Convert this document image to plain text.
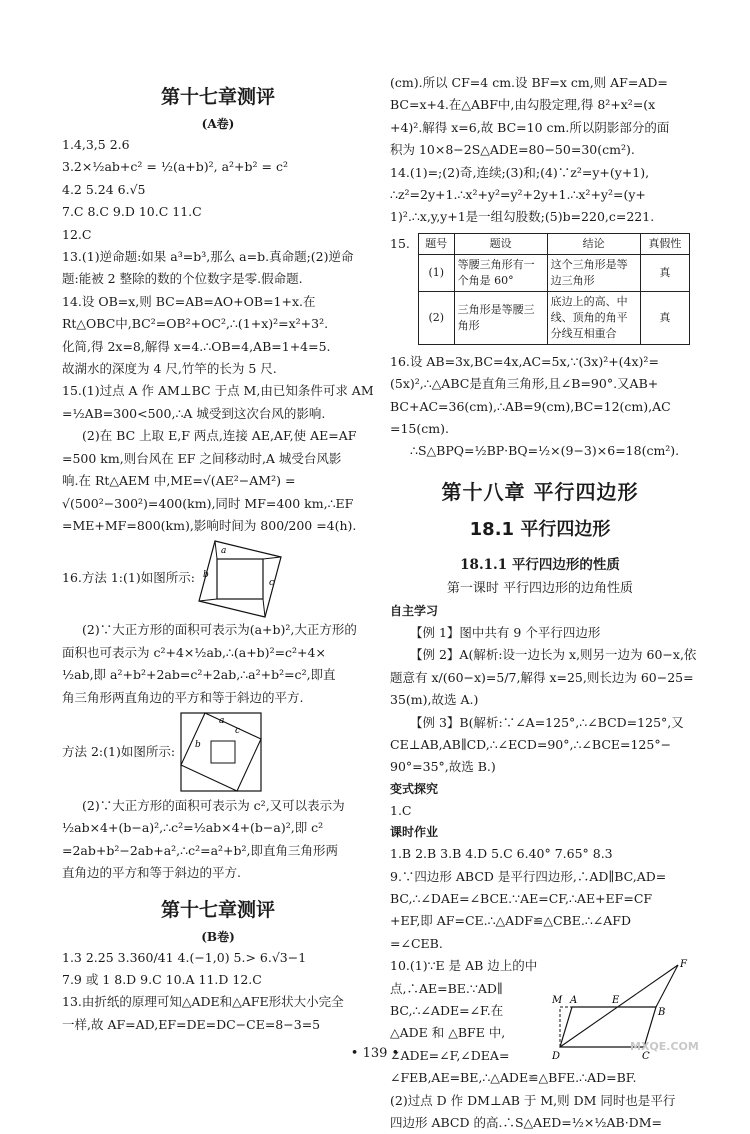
第十七章测评
(A卷)

1.4,3,5 2.6

3.2×½ab+c² = ½(a+b)², a²+b² = c²

4.2 5.24 6.√5

7.C 8.C 9.D 10.C 11.C

12.C

13.(1)逆命题:如果 a³=b³,那么 a=b.真命题;(2)逆命

题:能被 2 整除的数的个位数字是零.假命题.

14.设 OB=x,则 BC=AB=AO+OB=1+x.在

Rt△OBC中,BC²=OB²+OC²,∴(1+x)²=x²+3².

化简,得 2x=8,解得 x=4.∴OB=4,AB=1+4=5.

故湖水的深度为 4 尺,竹竿的长为 5 尺.

15.(1)过点 A 作 AM⊥BC 于点 M,由已知条件可求 AM

=½AB=300<500,∴A 城受到这次台风的影响.

(2)在 BC 上取 E,F 两点,连接 AE,AF,使 AE=AF

=500 km,则台风在 EF 之间移动时,A 城受台风影

响.在 Rt△AEM 中,ME=√(AE²−AM²) =

√(500²−300²)=400(km),同时 MF=400 km,∴EF

=ME+MF=800(km),影响时间为 800/200 =4(h).

16.方法 1:(1)如图所示: b
a
c

(2)∵大正方形的面积可表示为(a+b)²,大正方形的

面积也可表示为 c²+4×½ab,∴(a+b)²=c²+4×

½ab,即 a²+b²+2ab=c²+2ab,∴a²+b²=c²,即直

角三角形两直角边的平方和等于斜边的平方.

方法 2:(1)如图所示:
a
b
c

(2)∵大正方形的面积可表示为 c²,又可以表示为

½ab×4+(b−a)²,∴c²=½ab×4+(b−a)²,即 c²

=2ab+b²−2ab+a²,∴c²=a²+b²,即直角三角形两

直角边的平方和等于斜边的平方.

第十七章测评
(B卷)

1.3 2.25 3.360/41 4.(−1,0) 5.> 6.√3−1

7.9 或 1 8.D 9.C 10.A 11.D 12.C

13.由折纸的原理可知△ADE和△AFE形状大小完全

一样,故 AF=AD,EF=DE=DC−CE=8−3=5

(cm).所以 CF=4 cm.设 BF=x cm,则 AF=AD=

BC=x+4.在△ABF中,由勾股定理,得 8²+x²=(x

+4)².解得 x=6,故 BC=10 cm.所以阴影部分的面

积为 10×8−2S△ADE=80−50=30(cm²).

14.(1)=;(2)奇,连续;(3)和;(4)∵z²=y+(y+1),

∴z²=2y+1.∴x²+y²=y²+2y+1.∴x²+y²=(y+

1)².∴x,y,y+1是一组勾股数;(5)b=220,c=221.

15. 题号	题设	结论	真假性
(1)	等腰三角形有一个角是 60°	这个三角形是等边三角形	真
(2)	三角形是等腰三角形	底边上的高、中线、顶角的角平分线互相重合	真

16.设 AB=3x,BC=4x,AC=5x,∵(3x)²+(4x)²=

(5x)²,∴△ABC是直角三角形,且∠B=90°.又AB+

BC+AC=36(cm),∴AB=9(cm),BC=12(cm),AC

=15(cm).

∴S△BPQ=½BP·BQ=½×(9−3)×6=18(cm²).

第十八章 平行四边形
18.1 平行四边形
18.1.1 平行四边形的性质
第一课时 平行四边形的边角性质
自主学习

【例 1】图中共有 9 个平行四边形

【例 2】A(解析:设一边长为 x,则另一边为 60−x,依

题意有 x/(60−x)=5/7,解得 x=25,则长边为 60−25=

35(m),故选 A.)

【例 3】B(解析:∵∠A=125°,∴∠BCD=125°,又

CE⊥AB,AB∥CD,∴∠ECD=90°,∴∠BCE=125°−

90°=35°,故选 B.)

变式探究

1.C

课时作业

1.B 2.B 3.B 4.D 5.C 6.40° 7.65° 8.3

9.∵四边形 ABCD 是平行四边形,∴AD∥BC,AD=

BC,∴∠DAE=∠BCE.∵AE=CF,∴AE+EF=CF

+EF,即 AF=CE.∴△ADF≌△CBE.∴∠AFD

=∠CEB.

10.(1)∵E 是 AB 边上的中

点,∴AE=BE.∵AD∥

BC,∴∠ADE=∠F.在

△ADE 和 △BFE 中,

∠ADE=∠F,∠DEA=

∠FEB,AE=BE,∴△ADE≌△BFE.∴AD=BF.

F
M A	E
B
D	C

(2)过点 D 作 DM⊥AB 于 M,则 DM 同时也是平行

四边形 ABCD 的高.∴S△AED=½×½AB·DM=

• 139 •	MXQE.COM
